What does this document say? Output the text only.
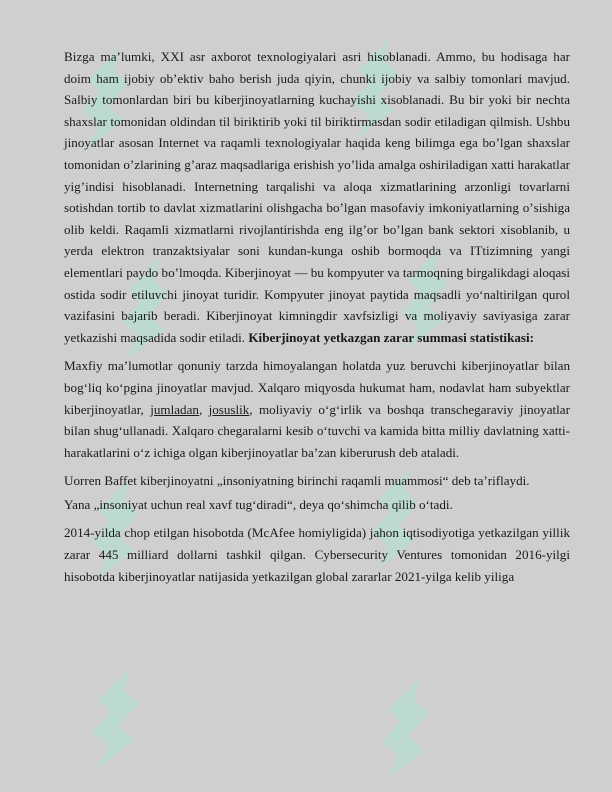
Bizga maʼlumki, XXI asr axborot texnologiyalari asri hisoblanadi. Ammo, bu hodisaga har doim ham ijobiy obʼektiv baho berish juda qiyin, chunki ijobiy va salbiy tomonlari mavjud. Salbiy tomonlardan biri bu kiberjinoyatlarning kuchayishi xisoblanadi. Bu bir yoki bir nechta shaxslar tomonidan oldindan til biriktirib yoki til biriktirmasdan sodir etiladigan qilmish. Ushbu jinoyatlar asosan Internet va raqamli texnologiyalar haqida keng bilimga ega boʼlgan shaxslar tomonidan oʼzlarining gʼaraz maqsadlariga erishish yoʼlida amalga oshiriladigan xatti harakatlar yigʼindisi hisoblanadi. Internetning tarqalishi va aloqa xizmatlarining arzonligi tovarlarni sotishdan tortib to davlat xizmatlarini olishgacha boʼlgan masofaviy imkoniyatlarning oʼsishiga olib keldi. Raqamli xizmatlarni rivojlantirishda eng ilgʼor boʼlgan bank sektori xisoblanib, u yerda elektron tranzaktsiyalar soni kundan-kunga oshib bormoqda va ITtizimning yangi elementlari paydo boʼlmoqda. Kiberjinoyat — bu kompyuter va tarmoqning birgalikdagi aloqasi ostida sodir etiluvchi jinoyat turidir. Kompyuter jinoyat paytida maqsadli yoʻnaltirilgan qurol vazifasini bajarib beradi. Kiberjinoyat kimningdir xavfsizligi va moliyaviy saviyasiga zarar yetkazishi maqsadida sodir etiladi. Kiberjinoyat yetkazgan zarar summasi statistikasi:

Maxfiy maʼlumotlar qonuniy tarzda himoyalangan holatda yuz beruvchi kiberjinoyatlar bilan bogʻliq koʻpgina jinoyatlar mavjud. Xalqaro miqyosda hukumat ham, nodavlat ham subyektlar kiberjinoyatlar, jumladan, josuslik, moliyaviy oʻgʻirlik va boshqa transchegaraviy jinoyatlar bilan shugʻullanadi. Xalqaro chegaralarni kesib oʻtuvchi va kamida bitta milliy davlatning xatti-harakatlarini oʻz ichiga olgan kiberjinoyatlar baʼzan kiberurush deb ataladi.

Uorren Baffet kiberjinoyatni „insoniyatning birinchi raqamli muammosi“ deb taʼriflaydi.

Yana „insoniyat uchun real xavf tugʻdiradi“, deya qoʻshimcha qilib oʻtadi.

2014-yilda chop etilgan hisobotda (McAfee homiyligida) jahon iqtisodiyotiga yetkazilgan yillik zarar 445 milliard dollarni tashkil qilgan. Cybersecurity Ventures tomonidan 2016-yilgi hisobotda kiberjinoyatlar natijasida yetkazilgan global zararlar 2021-yilga kelib yiliga
